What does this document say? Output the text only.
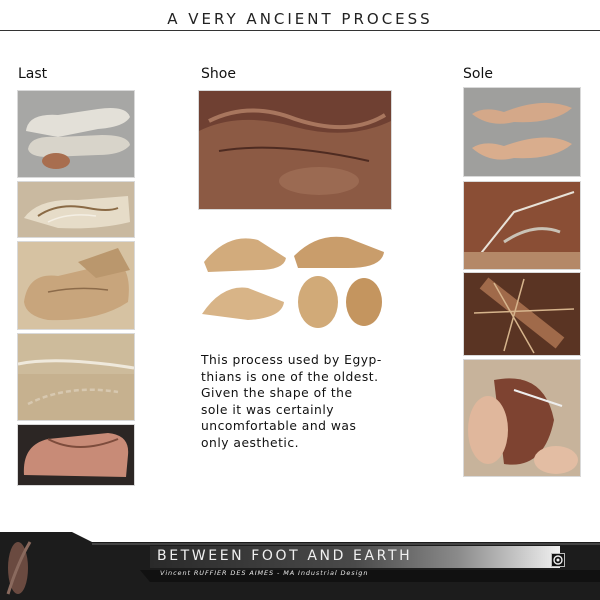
A VERY ANCIENT PROCESS
Last	Shoe	Sole
This process used by Egyp-
thians is one of the oldest.
Given the shape of the
sole it was certainly
uncomfortable and was
only aesthetic.
BETWEEN FOOT AND EARTH
Vincent RUFFIER DES AIMES - MA Industrial Design
